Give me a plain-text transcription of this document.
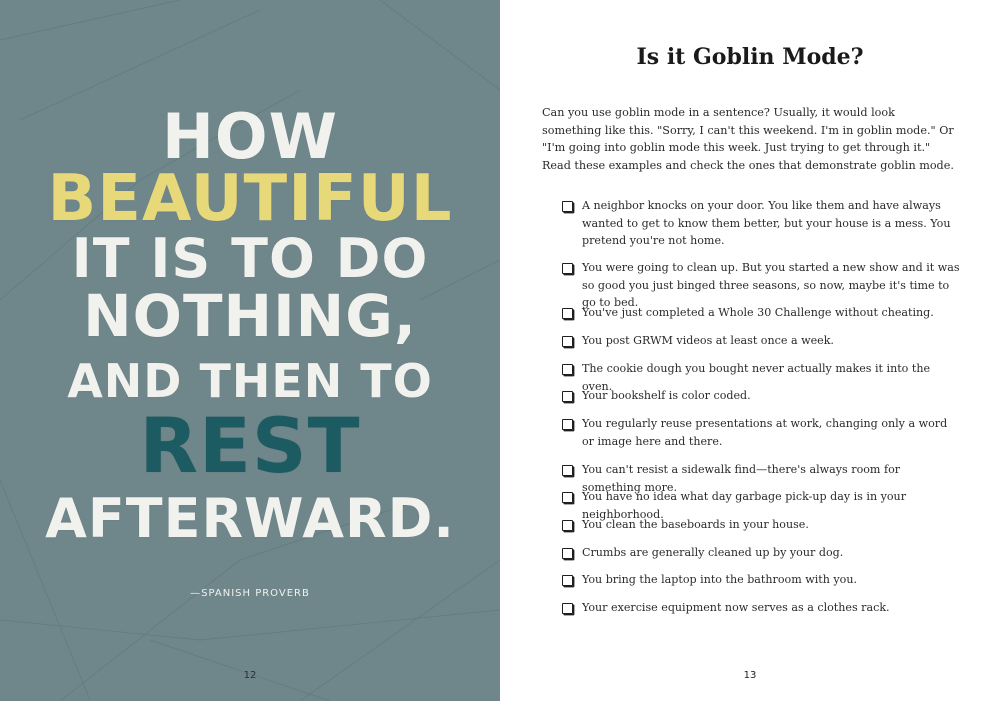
HOW
BEAUTIFUL
IT IS TO DO
NOTHING,
AND THEN TO
REST
AFTERWARD.
—SPANISH PROVERB
12
Is it Goblin Mode?
Can you use goblin mode in a sentence? Usually, it would look something like this. "Sorry, I can't this weekend. I'm in goblin mode." Or "I'm going into goblin mode this week. Just trying to get through it." Read these examples and check the ones that demonstrate goblin mode.
A neighbor knocks on your door. You like them and have always wanted to get to know them better, but your house is a mess. You pretend you're not home.
You were going to clean up. But you started a new show and it was so good you just binged three seasons, so now, maybe it's time to go to bed.
You've just completed a Whole 30 Challenge without cheating.
You post GRWM videos at least once a week.
The cookie dough you bought never actually makes it into the oven.
Your bookshelf is color coded.
You regularly reuse presentations at work, changing only a word or image here and there.
You can't resist a sidewalk find—there's always room for something more.
You have no idea what day garbage pick-up day is in your neighborhood.
You clean the baseboards in your house.
Crumbs are generally cleaned up by your dog.
You bring the laptop into the bathroom with you.
Your exercise equipment now serves as a clothes rack.
13
